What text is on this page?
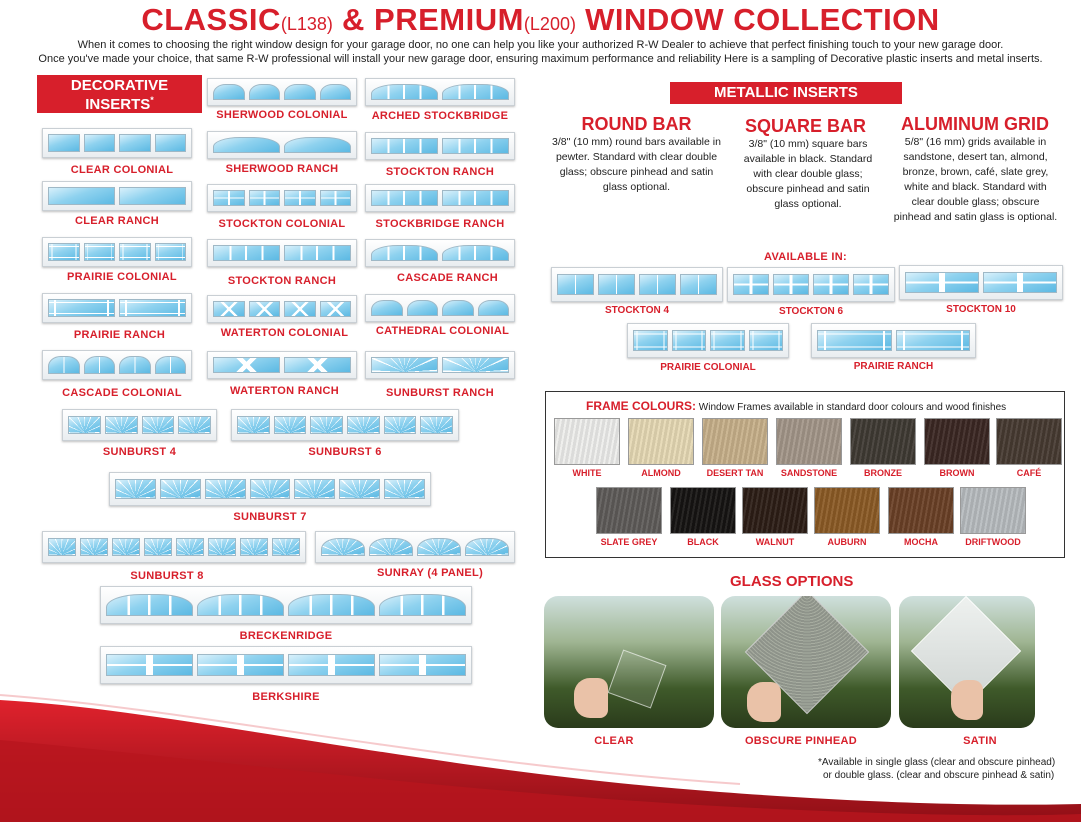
CLASSIC(L138) & PREMIUM(L200) WINDOW COLLECTION
When it comes to choosing the right window design for your garage door, no one can help you like your authorized R-W Dealer to achieve that perfect finishing touch to your new garage door.
Once you've made your choice, that same R-W professional will install your new garage door, ensuring maximum performance and reliability Here is a sampling of Decorative plastic inserts and metal inserts.
DECORATIVE
INSERTS*
SHERWOOD COLONIAL	ARCHED STOCKBRIDGE
CLEAR COLONIAL	SHERWOOD RANCH	STOCKTON RANCH
CLEAR RANCH	STOCKTON COLONIAL	STOCKBRIDGE RANCH
PRAIRIE COLONIAL	STOCKTON RANCH	CASCADE RANCH
PRAIRIE RANCH	WATERTON COLONIAL	CATHEDRAL COLONIAL
CASCADE COLONIAL	WATERTON RANCH	SUNBURST RANCH
SUNBURST 4	SUNBURST 6
SUNBURST 7
SUNBURST 8	SUNRAY (4 PANEL)
BRECKENRIDGE
BERKSHIRE
METALLIC INSERTS
ROUND BAR
3/8" (10 mm) round bars available in pewter. Standard with clear double glass; obscure pinhead and satin glass optional.
SQUARE BAR
3/8" (10 mm) square bars available in black. Standard with clear double glass; obscure pinhead and satin glass optional.
ALUMINUM GRID
5/8" (16 mm) grids available in sandstone, desert tan, almond, bronze, brown, café, slate grey, white and black. Standard with clear double glass; obscure pinhead and satin glass is optional.
AVAILABLE IN:
STOCKTON 4	STOCKTON 6	STOCKTON 10
PRAIRIE COLONIAL	PRAIRIE RANCH
FRAME COLOURS: Window Frames available in standard door colours and wood finishes
WHITE	ALMOND	DESERT TAN	SANDSTONE	BRONZE	BROWN	CAFÉ
SLATE GREY	BLACK	WALNUT	AUBURN	MOCHA	DRIFTWOOD
GLASS OPTIONS
CLEAR	OBSCURE PINHEAD	SATIN
*Available in single glass (clear and obscure pinhead)
or double glass. (clear and obscure pinhead & satin)
